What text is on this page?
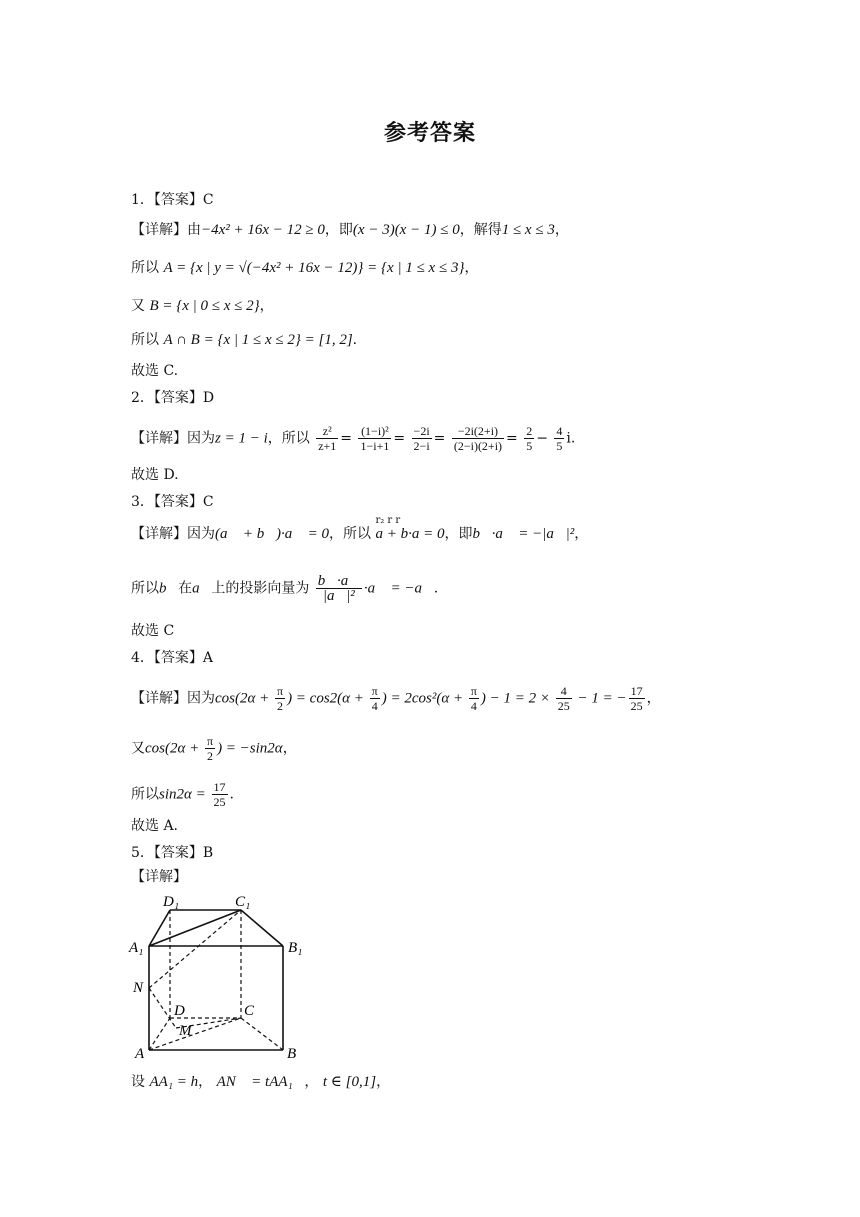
参考答案
1．【答案】C
【详解】由−4x² + 16x − 12 ≥ 0，即(x − 3)(x − 1) ≤ 0，解得1 ≤ x ≤ 3，
所以 A = {x | y = √(−4x² + 16x − 12)} = {x | 1 ≤ x ≤ 3}，
又 B = {x | 0 ≤ x ≤ 2}，
所以 A ∩ B = {x | 1 ≤ x ≤ 2} = [1, 2].
故选 C.
2．【答案】D
【详解】因为z = 1 − i，所以 $\frac{\text{z²}}{z+1} = \frac{\text{(1−i)²}}{1-i+1} = \frac{-2i}{2-i} = \frac{-2i(2+i)}{(2-i)(2+i)} = \frac{2}{5} - \frac{4}{5} i$.
故选 D.
3．【答案】C
【详解】因为(a⃗ + b⃗)·a⃗ = 0，所以
r₂ r r
a + b·a = 0，即b⃗·a⃗ = −|a⃗|²，
所以b⃗在a⃗上的投影向量为 $\frac{b⃗\cdot a⃗}{\text{|a⃗|²}}$ ·a⃗ = −a⃗.
故选 C
4．【答案】A
【详解】因为$\cos(2\alpha + \frac{\pi}{2}$ ) = $\cos 2(\alpha + \frac{\pi}{4}$ ) = $2\cos^2(\alpha + \frac{\pi}{4}$ ) − $1 = 2 \times \frac{4}{25} - 1$ = − $\frac{17}{25}$ ，
又$\cos(2\alpha + \frac{\pi}{2}$ ) = −sin2α，
所以$\sin 2\alpha = \frac{17}{25}$ .
故选 A.
5．【答案】B
【详解】
D₁	C₁
A₁	B₁
N
D	C
M
A	B
设 AA₁ = h， AN⃗ = tAA₁⃗， t ∈ [0,1]，
